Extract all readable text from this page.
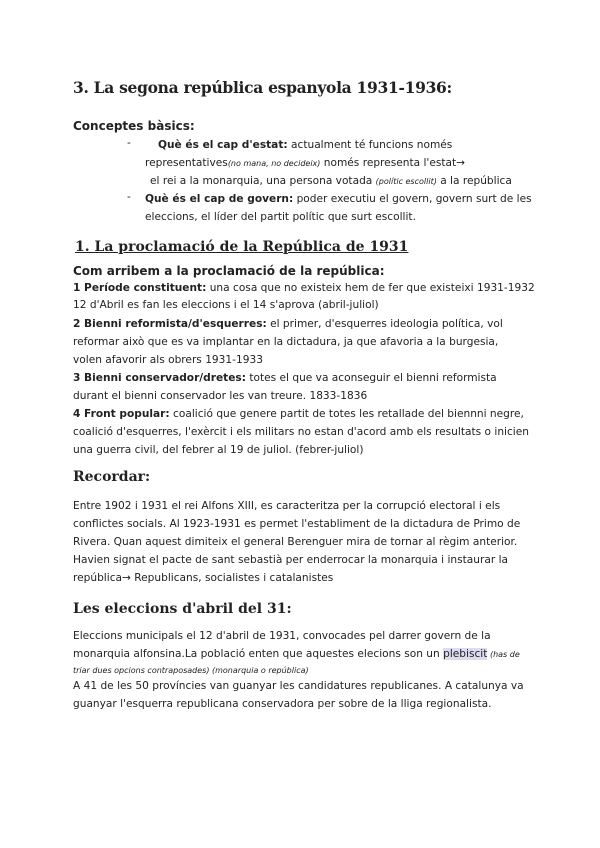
3. La segona república espanyola 1931-1936:
Conceptes bàsics:
-	Què és el cap d'estat: actualment té funcions només
representatives(no mana, no decideix) només representa l'estat→
el rei a la monarquia, una persona votada (polític escollit) a la república
- Què és el cap de govern: poder executiu el govern, govern surt de les
eleccions, el líder del partit polític que surt escollit.
1. La proclamació de la República de 1931
Com arribem a la proclamació de la república:
1 Període constituent: una cosa que no existeix hem de fer que existeixi 1931-1932
12 d'Abril es fan les eleccions i el 14 s'aprova (abril-juliol)
2 Bienni reformista/d'esquerres: el primer, d'esquerres ideologia política, vol
reformar això que es va implantar en la dictadura, ja que afavoria a la burgesia,
volen afavorir als obrers 1931-1933
3 Bienni conservador/dretes: totes el que va aconseguir el bienni reformista
durant el bienni conservador les van treure. 1833-1836
4 Front popular: coalició que genere partit de totes les retallade del biennni negre,
coalició d'esquerres, l'exèrcit i els militars no estan d'acord amb els resultats o inicien
una guerra civil, del febrer al 19 de juliol. (febrer-juliol)
Recordar:
Entre 1902 i 1931 el rei Alfons XIII, es caracteritza per la corrupció electoral i els
conflictes socials. Al 1923-1931 es permet l'establiment de la dictadura de Primo de
Rivera. Quan aquest dimiteix el general Berenguer mira de tornar al règim anterior.
Havien signat el pacte de sant sebastià per enderrocar la monarquia i instaurar la
república→ Republicans, socialistes i catalanistes
Les eleccions d'abril del 31:
Eleccions municipals el 12 d'abril de 1931, convocades pel darrer govern de la
monarquia alfonsina.La població enten que aquestes elecions son un plebiscit (has de
triar dues opcions contraposades) (monarquia o república)
A 41 de les 50 províncies van guanyar les candidatures republicanes. A catalunya va
guanyar l'esquerra republicana conservadora per sobre de la lliga regionalista.
